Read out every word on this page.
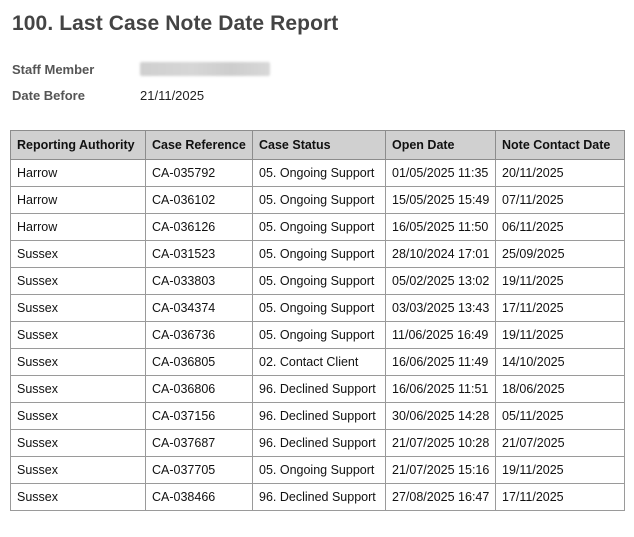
100. Last Case Note Date Report
Staff Member
Date Before	21/11/2025
Reporting Authority	Case Reference	Case Status	Open Date	Note Contact Date
Harrow	CA-035792	05. Ongoing Support	01/05/2025 11:35	20/11/2025
Harrow	CA-036102	05. Ongoing Support	15/05/2025 15:49	07/11/2025
Harrow	CA-036126	05. Ongoing Support	16/05/2025 11:50	06/11/2025
Sussex	CA-031523	05. Ongoing Support	28/10/2024 17:01	25/09/2025
Sussex	CA-033803	05. Ongoing Support	05/02/2025 13:02	19/11/2025
Sussex	CA-034374	05. Ongoing Support	03/03/2025 13:43	17/11/2025
Sussex	CA-036736	05. Ongoing Support	11/06/2025 16:49	19/11/2025
Sussex	CA-036805	02. Contact Client	16/06/2025 11:49	14/10/2025
Sussex	CA-036806	96. Declined Support	16/06/2025 11:51	18/06/2025
Sussex	CA-037156	96. Declined Support	30/06/2025 14:28	05/11/2025
Sussex	CA-037687	96. Declined Support	21/07/2025 10:28	21/07/2025
Sussex	CA-037705	05. Ongoing Support	21/07/2025 15:16	19/11/2025
Sussex	CA-038466	96. Declined Support	27/08/2025 16:47	17/11/2025
